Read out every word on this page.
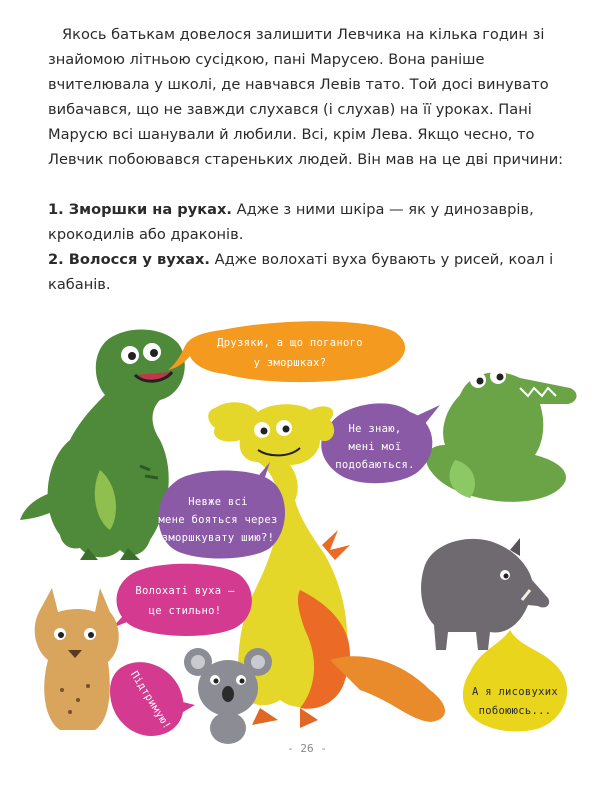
Якось батькам довелося залишити Левчика на кілька годин зі знайомою літньою сусідкою, пані Марусею. Вона раніше вчителювала у школі, де навчався Левів тато. Той досі винувато вибачався, що не завжди слухався (і слухав) на її уроках. Пані Марусю всі шанували й любили. Всі, крім Лева. Якщо чесно, то Левчик побоювався стареньких людей. Він мав на це дві причини:

1. Зморшки на руках. Адже з ними шкіра — як у динозаврів, крокодилів або драконів.

2. Волосся у вухах. Адже волохаті вуха бувають у рисей, коал і кабанів.

Друзяки, а що поганого
у зморшках?
Не знаю,
мені мої
подобаються.
Невже всі
мене бояться через
зморшкувату шию?!
Волохаті вуха —
це стильно!
Підтримую!	А я лисовухих
побоююсь...
- 26 -
